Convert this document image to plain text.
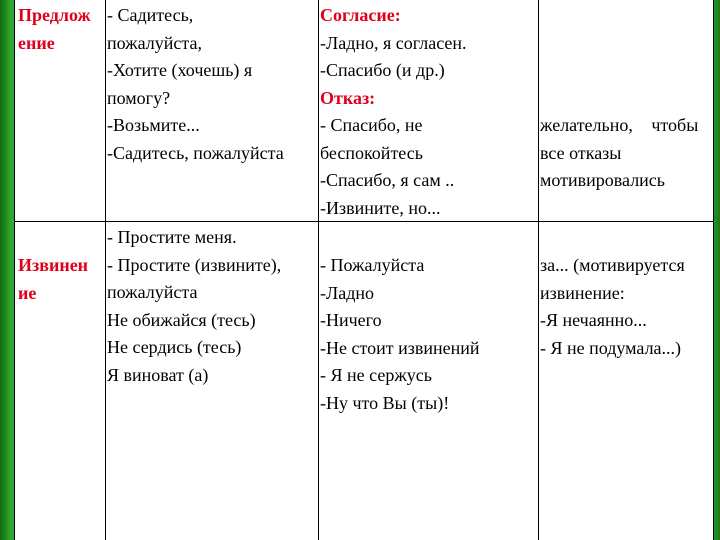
Предлож
ение
- Садитесь,
пожалуйста,
-Хотите (хочешь) я
помогу?
-Возьмите...
-Садитесь, пожалуйста
Согласие:
-Ладно, я согласен.
-Спасибо (и др.)
Отказ:
- Спасибо, не
беспокойтесь
-Спасибо, я сам ..
-Извините, но...
желательно, чтобы
все отказы
мотивировались
Извинен
ие
- Простите меня.
- Простите (извините),
пожалуйста
Не обижайся (тесь)
Не сердись (тесь)
Я виноват (а)
- Пожалуйста
-Ладно
-Ничего
-Не стоит извинений
- Я не сержусь
-Ну что Вы (ты)!
за... (мотивируется
извинение:
-Я нечаянно...
- Я не подумала...)
